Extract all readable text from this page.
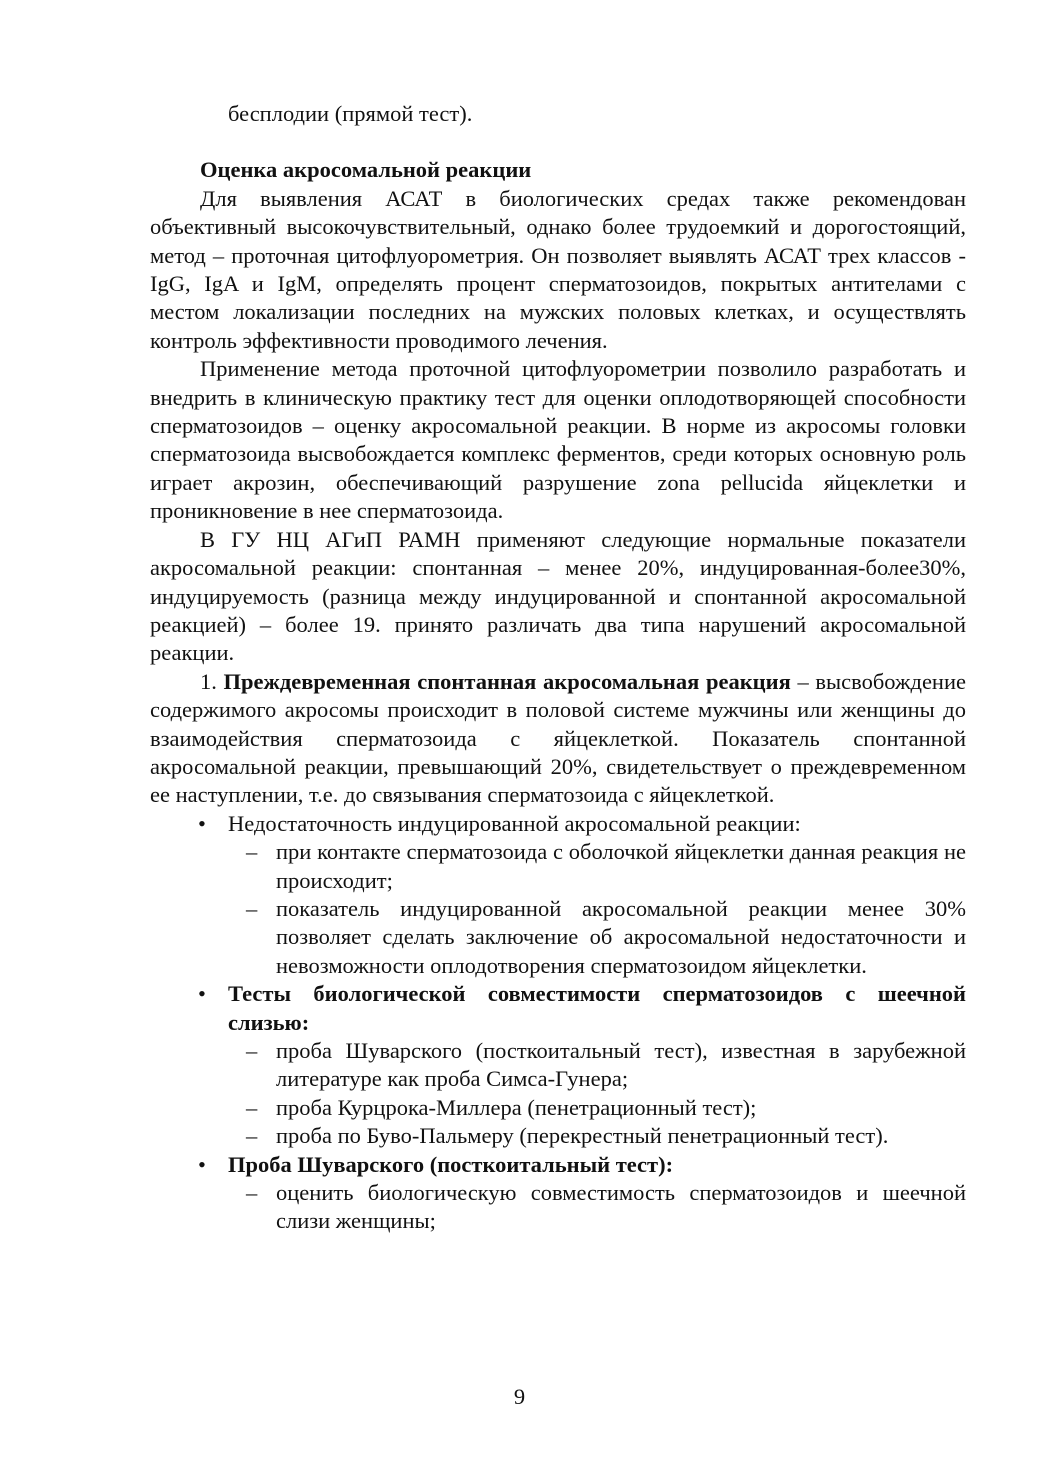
бесплодии (прямой тест).

Оценка акросомальной реакции

Для выявления АСАТ в биологических средах также рекомендован объективный высокочувствительный, однако более трудоемкий и дорогостоящий, метод – проточная цитофлуорометрия. Он позволяет выявлять АСАТ трех классов - IgG, IgA и IgM, определять процент сперматозоидов, покрытых антителами с местом локализации последних на мужских половых клетках, и осуществлять контроль эффективности проводимого лечения.

Применение метода проточной цитофлуорометрии позволило разработать и внедрить в клиническую практику тест для оценки оплодотворяющей способности сперматозоидов – оценку акросомальной реакции. В норме из акросомы головки сперматозоида высвобождается комплекс ферментов, среди которых основную роль играет акрозин, обеспечивающий разрушение zona pellucida яйцеклетки и проникновение в нее сперматозоида.

В ГУ НЦ АГиП РАМН применяют следующие нормальные показатели акросомальной реакции: спонтанная – менее 20%, индуцированная-более30%, индуцируемость (разница между индуцированной и спонтанной акросомальной реакцией) – более 19. принято различать два типа нарушений акросомальной реакции.

1. Преждевременная спонтанная акросомальная реакция – высвобождение содержимого акросомы происходит в половой системе мужчины или женщины до взаимодействия сперматозоида с яйцеклеткой. Показатель спонтанной акросомальной реакции, превышающий 20%, свидетельствует о преждевременном ее наступлении, т.е. до связывания сперматозоида с яйцеклеткой.

• Недостаточность индуцированной акросомальной реакции:
– при контакте сперматозоида с оболочкой яйцеклетки данная реакция не происходит;
– показатель индуцированной акросомальной реакции менее 30% позволяет сделать заключение об акросомальной недостаточности и невозможности оплодотворения сперматозоидом яйцеклетки.
• Тесты биологической совместимости сперматозоидов с шеечной слизью:
– проба Шуварского (посткоитальный тест), известная в зарубежной литературе как проба Симса-Гунера;
– проба Курцрока-Миллера (пенетрационный тест);
– проба по Буво-Пальмеру (перекрестный пенетрационный тест).
• Проба Шуварского (посткоитальный тест):
– оценить биологическую совместимость сперматозоидов и шеечной слизи женщины;
9
